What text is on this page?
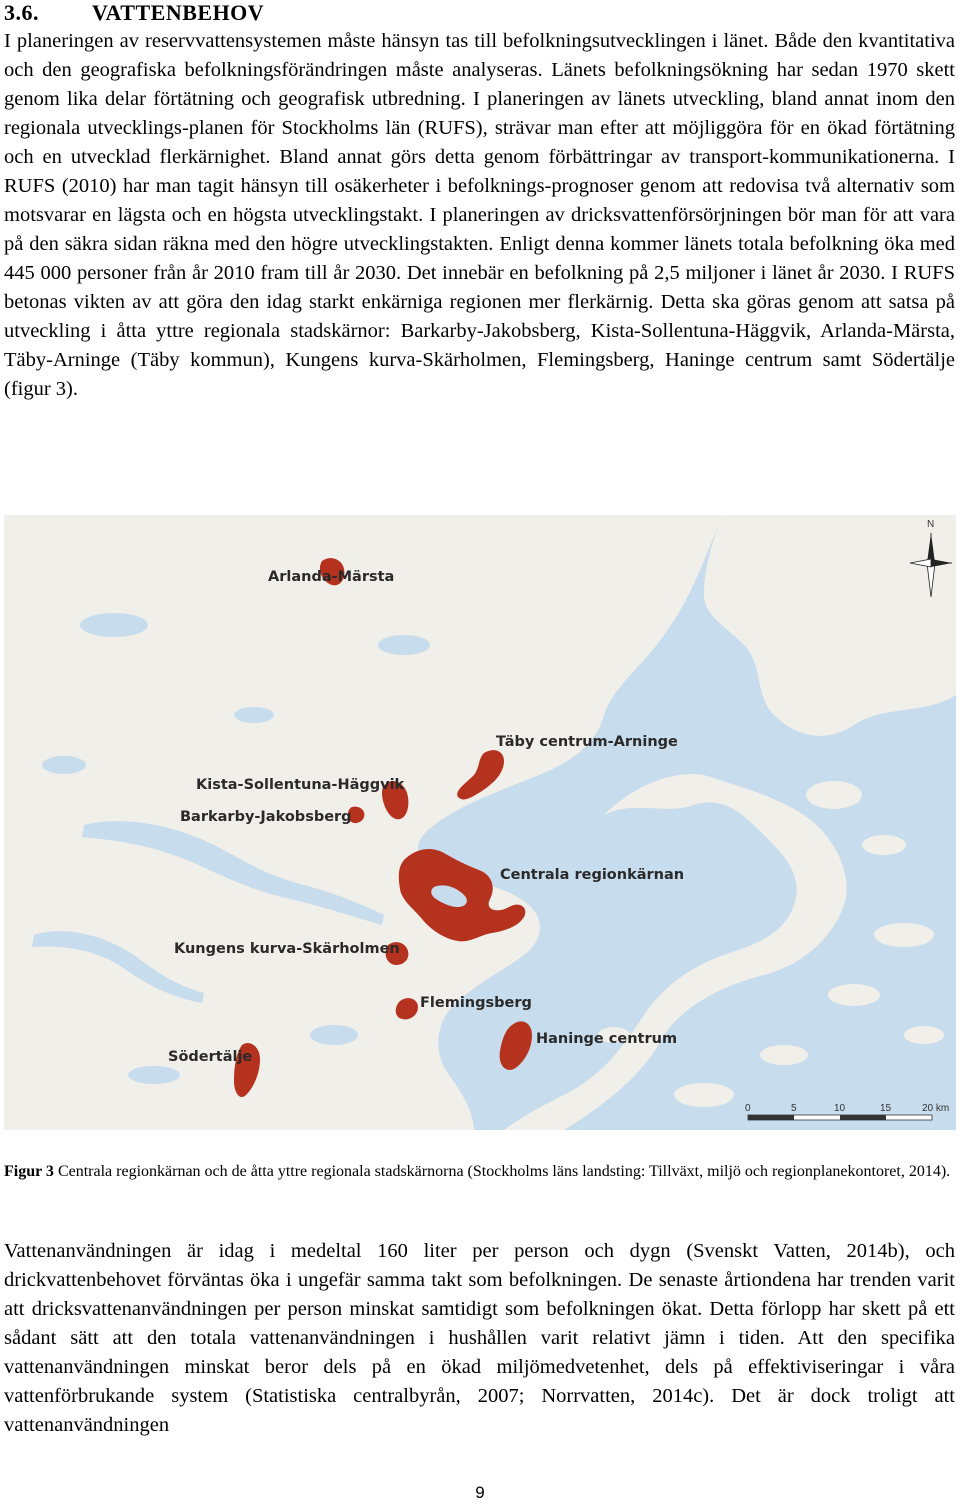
3.6. VATTENBEHOV
I planeringen av reservvattensystemen måste hänsyn tas till befolkningsutvecklingen i länet. Både den kvantitativa och den geografiska befolkningsförändringen måste analyseras. Länets befolkningsökning har sedan 1970 skett genom lika delar förtätning och geografisk utbredning. I planeringen av länets utveckling, bland annat inom den regionala utvecklings-planen för Stockholms län (RUFS), strävar man efter att möjliggöra för en ökad förtätning och en utvecklad flerkärnighet. Bland annat görs detta genom förbättringar av transport-kommunikationerna. I RUFS (2010) har man tagit hänsyn till osäkerheter i befolknings-prognoser genom att redovisa två alternativ som motsvarar en lägsta och en högsta utvecklingstakt. I planeringen av dricksvattenförsörjningen bör man för att vara på den säkra sidan räkna med den högre utvecklingstakten. Enligt denna kommer länets totala befolkning öka med 445 000 personer från år 2010 fram till år 2030. Det innebär en befolkning på 2,5 miljoner i länet år 2030. I RUFS betonas vikten av att göra den idag starkt enkärniga regionen mer flerkärnig. Detta ska göras genom att satsa på utveckling i åtta yttre regionala stadskärnor: Barkarby-Jakobsberg, Kista-Sollentuna-Häggvik, Arlanda-Märsta, Täby-Arninge (Täby kommun), Kungens kurva-Skärholmen, Flemingsberg, Haninge centrum samt Södertälje (figur 3).
Arlanda-Märsta
Täby centrum-Arninge
Kista-Sollentuna-Häggvik
Barkarby-Jakobsberg
Centrala regionkärnan
Kungens kurva-Skärholmen
Flemingsberg
Haninge centrum
Södertälje
N
0	5	10	15	20 km
Figur 3 Centrala regionkärnan och de åtta yttre regionala stadskärnorna (Stockholms läns landsting: Tillväxt, miljö och regionplanekontoret, 2014).
Vattenanvändningen är idag i medeltal 160 liter per person och dygn (Svenskt Vatten, 2014b), och drickvattenbehovet förväntas öka i ungefär samma takt som befolkningen. De senaste årtiondena har trenden varit att dricksvattenanvändningen per person minskat samtidigt som befolkningen ökat. Detta förlopp har skett på ett sådant sätt att den totala vattenanvändningen i hushållen varit relativt jämn i tiden. Att den specifika vattenanvändningen minskat beror dels på en ökad miljömedvetenhet, dels på effektiviseringar i våra vattenförbrukande system (Statistiska centralbyrån, 2007; Norrvatten, 2014c). Det är dock troligt att vattenanvändningen
9
